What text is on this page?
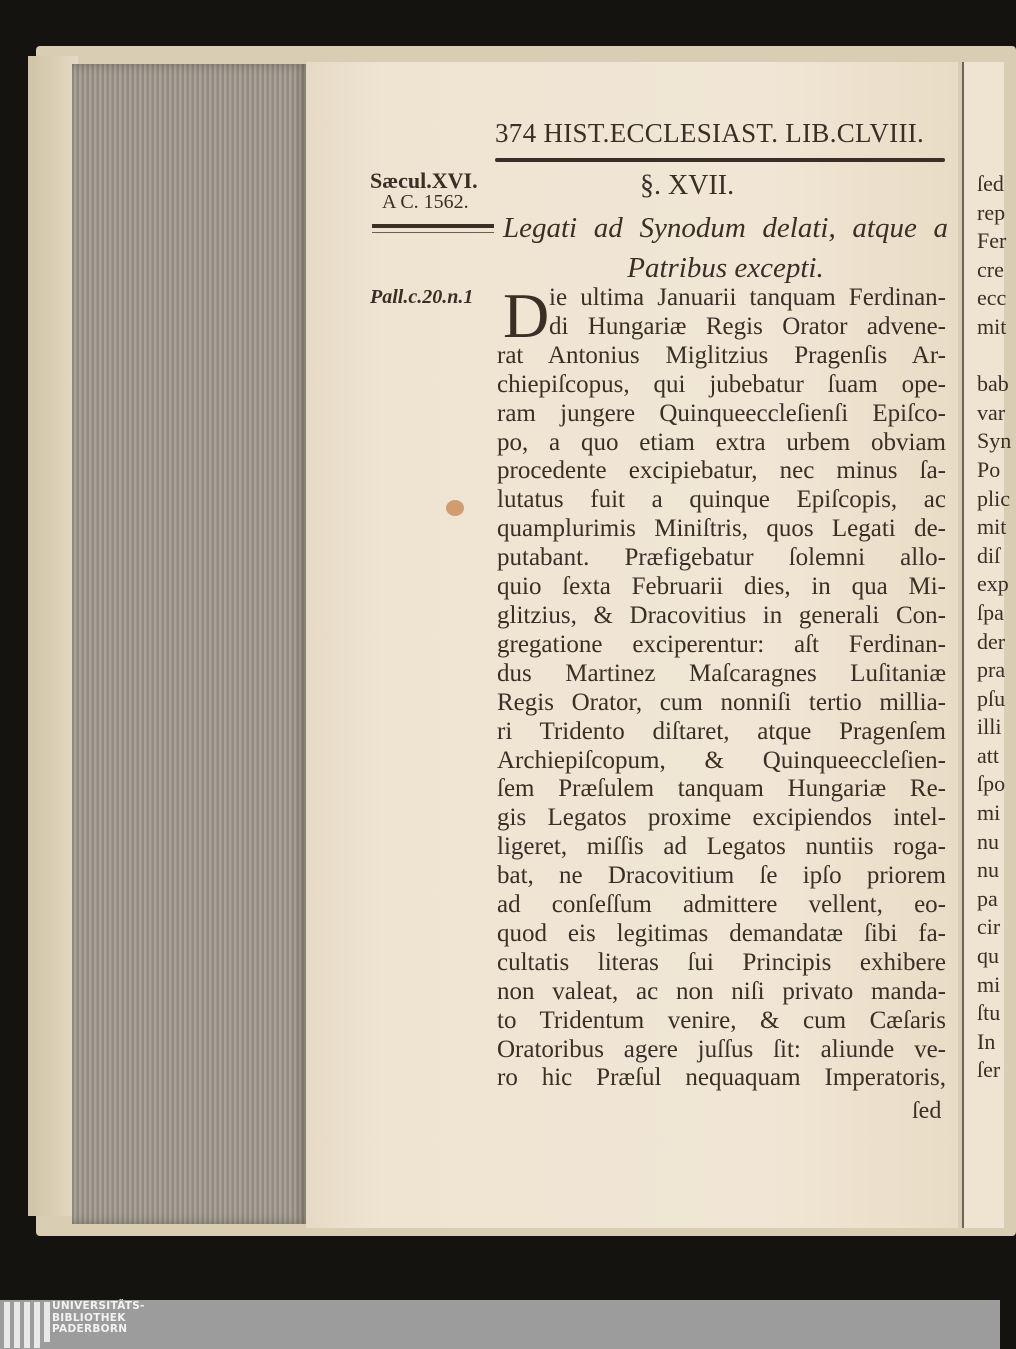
374 HIST.ECCLESIAST. LIB.CLVIII.
Sæcul.XVI.
A C. 1562.
Pall.c.20.n.1
§. XVII.
Legati ad Synodum delati, atque a
Patribus excepti.
D ie ultima Januarii tanquam Ferdinan-
di Hungariæ Regis Orator advene-
rat Antonius Miglitzius Pragenſis Ar-
chiepiſcopus, qui jubebatur ſuam ope-
ram jungere Quinqueeccleſienſi Epiſco-
po, a quo etiam extra urbem obviam
procedente excipiebatur, nec minus ſa-
lutatus fuit a quinque Epiſcopis, ac
quamplurimis Miniſtris, quos Legati de-
putabant. Præfigebatur ſolemni allo-
quio ſexta Februarii dies, in qua Mi-
glitzius, & Dracovitius in generali Con-
gregatione exciperentur: aſt Ferdinan-
dus Martinez Maſcaragnes Luſitaniæ
Regis Orator, cum nonniſi tertio millia-
ri Tridento diſtaret, atque Pragenſem
Archiepiſcopum, & Quinqueeccleſien-
ſem Præſulem tanquam Hungariæ Re-
gis Legatos proxime excipiendos intel-
ligeret, miſſis ad Legatos nuntiis roga-
bat, ne Dracovitium ſe ipſo priorem
ad conſeſſum admittere vellent, eo-
quod eis legitimas demandatæ ſibi fa-
cultatis literas ſui Principis exhibere
non valeat, ac non niſi privato manda-
to Tridentum venire, & cum Cæſaris
Oratoribus agere juſſus ſit: aliunde ve-
ro hic Præſul nequaquam Imperatoris,
ſed
ſed
rep
Fer
cre
ecc
mit
bab
var
Syn
Po
plic
mit
diſ
exp
ſpa
der
pra
pſu
illi
att
ſpo
mi
nu
nu
pa
cir
qu
mi
ſtu
In
ſer
UNIVERSITÄTS-
BIBLIOTHEK
PADERBORN
